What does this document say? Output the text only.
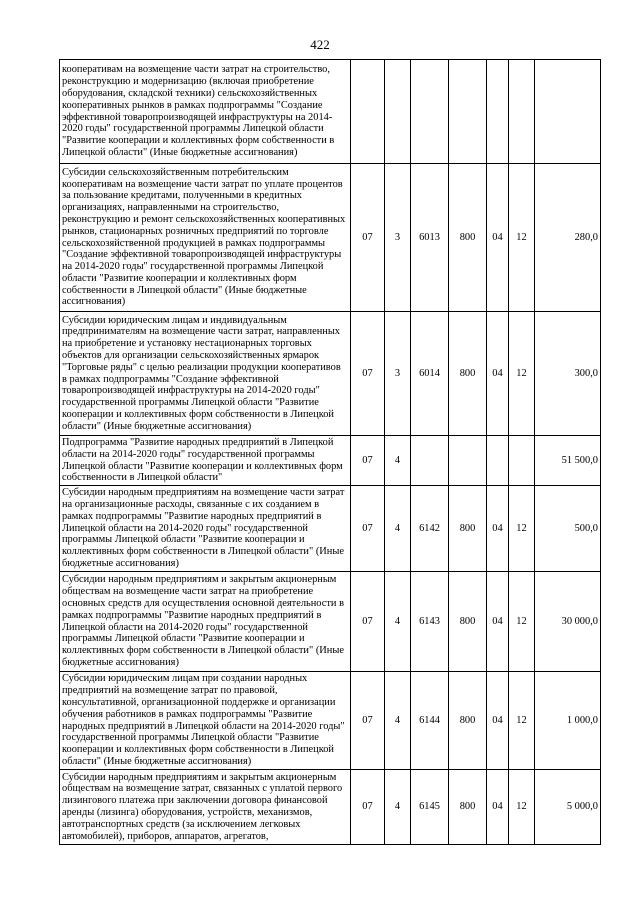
422
кооперативам на возмещение части затрат на строительство, реконструкцию и модернизацию (включая приобретение оборудования, складской техники) сельскохозяйственных кооперативных рынков в рамках подпрограммы "Создание эффективной товаропроизводящей инфраструктуры на 2014-2020 годы" государственной программы Липецкой области "Развитие кооперации и коллективных форм собственности в Липецкой области" (Иные бюджетные ассигнования)							
Субсидии сельскохозяйственным потребительским кооперативам на возмещение части затрат по уплате процентов за пользование кредитами, полученными в кредитных организациях, направленными на строительство, реконструкцию и ремонт сельскохозяйственных кооперативных рынков, стационарных розничных предприятий по торговле сельскохозяйственной продукцией в рамках подпрограммы "Создание эффективной товаропроизводящей инфраструктуры на 2014-2020 годы" государственной программы Липецкой области "Развитие кооперации и коллективных форм собственности в Липецкой области" (Иные бюджетные ассигнования)	07	3	6013	800	04	12	280,0
Субсидии юридическим лицам и индивидуальным предпринимателям на возмещение части затрат, направленных на приобретение и установку нестационарных торговых объектов для организации сельскохозяйственных ярмарок "Торговые ряды" с целью реализации продукции кооперативов в рамках подпрограммы "Создание эффективной товаропроизводящей инфраструктуры на 2014-2020 годы" государственной программы Липецкой области "Развитие кооперации и коллективных форм собственности в Липецкой области" (Иные бюджетные ассигнования)	07	3	6014	800	04	12	300,0
Подпрограмма "Развитие народных предприятий в Липецкой области на 2014-2020 годы" государственной программы Липецкой области "Развитие кооперации и коллективных форм собственности в Липецкой области"	07	4					51 500,0
Субсидии народным предприятиям на возмещение части затрат на организационные расходы, связанные с их созданием в рамках подпрограммы "Развитие народных предприятий в Липецкой области на 2014-2020 годы" государственной программы Липецкой области "Развитие кооперации и коллективных форм собственности в Липецкой области" (Иные бюджетные ассигнования)	07	4	6142	800	04	12	500,0
Субсидии народным предприятиям и закрытым акционерным обществам на возмещение части затрат на приобретение основных средств для осуществления основной деятельности в рамках подпрограммы "Развитие народных предприятий в Липецкой области на 2014-2020 годы" государственной программы Липецкой области "Развитие кооперации и коллективных форм собственности в Липецкой области" (Иные бюджетные ассигнования)	07	4	6143	800	04	12	30 000,0
Субсидии юридическим лицам при создании народных предприятий на возмещение затрат по правовой, консультативной, организационной поддержке и организации обучения работников в рамках подпрограммы "Развитие народных предприятий в Липецкой области на 2014-2020 годы" государственной программы Липецкой области "Развитие кооперации и коллективных форм собственности в Липецкой области" (Иные бюджетные ассигнования)	07	4	6144	800	04	12	1 000,0
Субсидии народным предприятиям и закрытым акционерным обществам на возмещение затрат, связанных с уплатой первого лизингового платежа при заключении договора финансовой аренды (лизинга) оборудования, устройств, механизмов, автотранспортных средств (за исключением легковых автомобилей), приборов, аппаратов, агрегатов,	07	4	6145	800	04	12	5 000,0
